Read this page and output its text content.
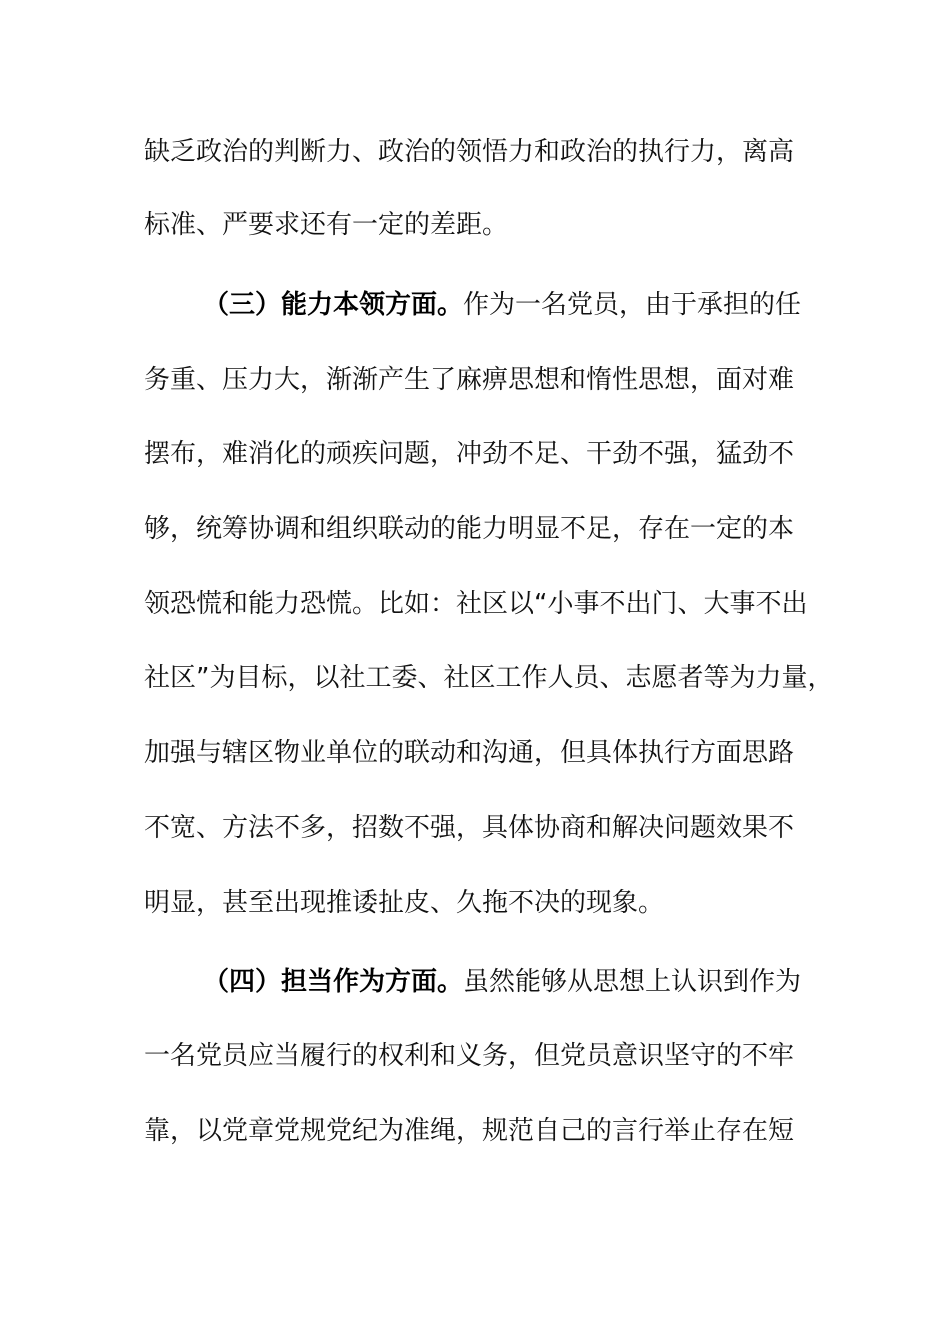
缺乏政治的判断力、政治的领悟力和政治的执行力，离高

标准、严要求还有一定的差距。

（三）能力本领方面。作为一名党员，由于承担的任

务重、压力大，渐渐产生了麻痹思想和惰性思想，面对难

摆布，难消化的顽疾问题，冲劲不足、干劲不强，猛劲不

够，统筹协调和组织联动的能力明显不足，存在一定的本

领恐慌和能力恐慌。比如：社区以“小事不出门、大事不出

社区”为目标，以社工委、社区工作人员、志愿者等为力量，

加强与辖区物业单位的联动和沟通，但具体执行方面思路

不宽、方法不多，招数不强，具体协商和解决问题效果不

明显，甚至出现推诿扯皮、久拖不决的现象。

（四）担当作为方面。虽然能够从思想上认识到作为

一名党员应当履行的权利和义务，但党员意识坚守的不牢

靠，以党章党规党纪为准绳，规范自己的言行举止存在短
